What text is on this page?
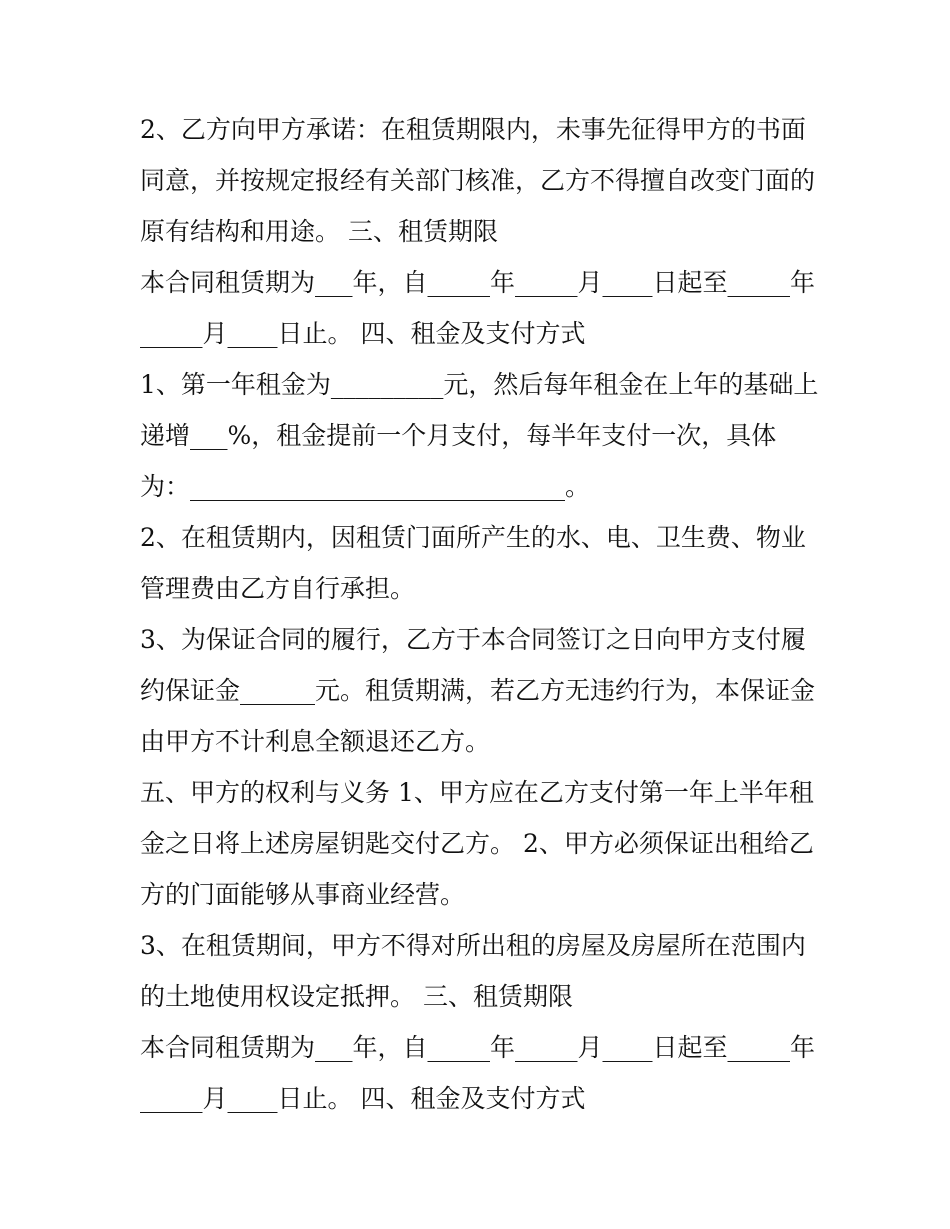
2、乙方向甲方承诺：在租赁期限内，未事先征得甲方的书面
同意，并按规定报经有关部门核准，乙方不得擅自改变门面的
原有结构和用途。 三、租赁期限
本合同租赁期为___年，自_____年_____月____日起至_____年
_____月____日止。 四、租金及支付方式
1、第一年租金为_________元，然后每年租金在上年的基础上
递增___%，租金提前一个月支付，每半年支付一次，具体
为：______________________________。
2、在租赁期内，因租赁门面所产生的水、电、卫生费、物业
管理费由乙方自行承担。
3、为保证合同的履行，乙方于本合同签订之日向甲方支付履
约保证金______元。租赁期满，若乙方无违约行为，本保证金
由甲方不计利息全额退还乙方。
五、甲方的权利与义务 1、甲方应在乙方支付第一年上半年租
金之日将上述房屋钥匙交付乙方。 2、甲方必须保证出租给乙
方的门面能够从事商业经营。
3、在租赁期间，甲方不得对所出租的房屋及房屋所在范围内
的土地使用权设定抵押。 三、租赁期限
本合同租赁期为___年，自_____年_____月____日起至_____年
_____月____日止。 四、租金及支付方式
